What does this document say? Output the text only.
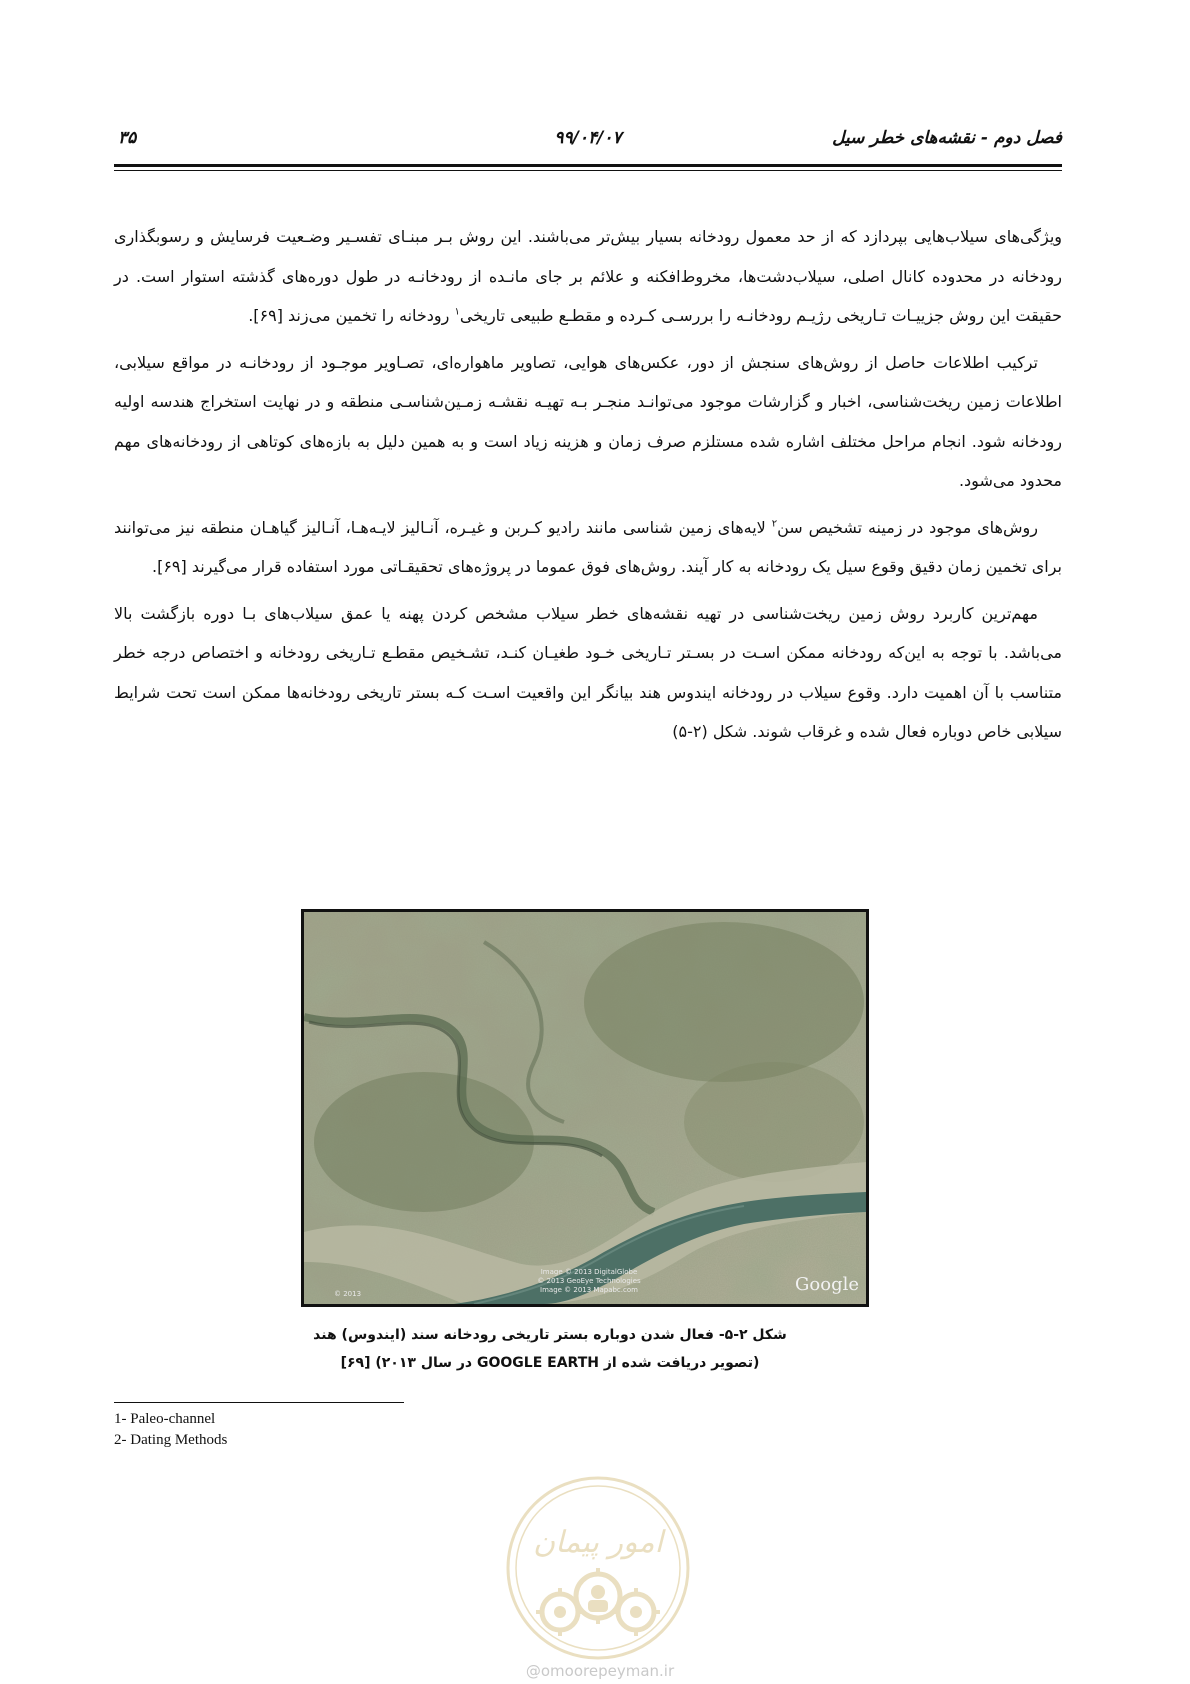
فصل دوم - نقشه‌های خطر سیل
۹۹/۰۴/۰۷
۳۵

ویژگی‌های سیلاب‌هایی بپردازد که از حد معمول رودخانه بسیار بیش‌تر می‌باشند. این روش بـر مبنـای تفسـیر وضـعیت فرسایش و رسوبگذاری رودخانه در محدوده کانال اصلی، سیلاب‌دشت‌ها، مخروط‌افکنه و علائم بر جای مانـده از رودخانـه در طول دوره‌های گذشته استوار است. در حقیقت این روش جزییـات تـاریخی رژیـم رودخانـه را بررسـی کـرده و مقطـع طبیعی تاریخی$^۱$ رودخانه را تخمین می‌زند [۶۹].

ترکیب اطلاعات حاصل از روش‌های سنجش از دور، عکس‌های هوایی، تصاویر ماهواره‌ای، تصـاویر موجـود از رودخانـه در مواقع سیلابی، اطلاعات زمین ریخت‌شناسی، اخبار و گزارشات موجود می‌توانـد منجـر بـه تهیـه نقشـه زمـین‌شناسـی منطقه و در نهایت استخراج هندسه اولیه رودخانه شود. انجام مراحل مختلف اشاره شده مستلزم صرف زمان و هزینه زیاد است و به همین دلیل به بازه‌های کوتاهی از رودخانه‌های مهم محدود می‌شود.

روش‌های موجود در زمینه تشخیص سن$^۲$ لایه‌های زمین شناسی مانند رادیو کـربن و غیـره، آنـالیز لایـه‌هـا، آنـالیز گیاهـان منطقه نیز می‌توانند برای تخمین زمان دقیق وقوع سیل یک رودخانه به کار آیند. روش‌های فوق عموما در پروژه‌های تحقیقـاتی مورد استفاده قرار می‌گیرند [۶۹].

مهم‌ترین کاربرد روش زمین ریخت‌شناسی در تهیه نقشه‌های خطر سیلاب مشخص کردن پهنه یا عمق سیلاب‌های بـا دوره بازگشت بالا می‌باشد. با توجه به این‌که رودخانه ممکن اسـت در بسـتر تـاریخی خـود طغیـان کنـد، تشـخیص مقطـع تـاریخی رودخانه و اختصاص درجه خطر متناسب با آن اهمیت دارد. وقوع سیلاب در رودخانه ایندوس هند بیانگر این واقعیت اسـت کـه بستر تاریخی رودخانه‌ها ممکن است تحت شرایط سیلابی خاص دوباره فعال شده و غرقاب شوند. شکل (۲-۵)

Image © 2013 DigitalGlobe
© 2013 GeoEye Technologies
Image © 2013 Mapabc.com
© 2013	Google
شکل ۲-۵- فعال شدن دوباره بستر تاریخی رودخانه سند (ایندوس) هند
(تصویر دریافت شده از GOOGLE EARTH در سال ۲۰۱۳) [۶۹]
1- Paleo-channel
2- Dating Methods
امور پیمان
@omoorepeyman.ir
